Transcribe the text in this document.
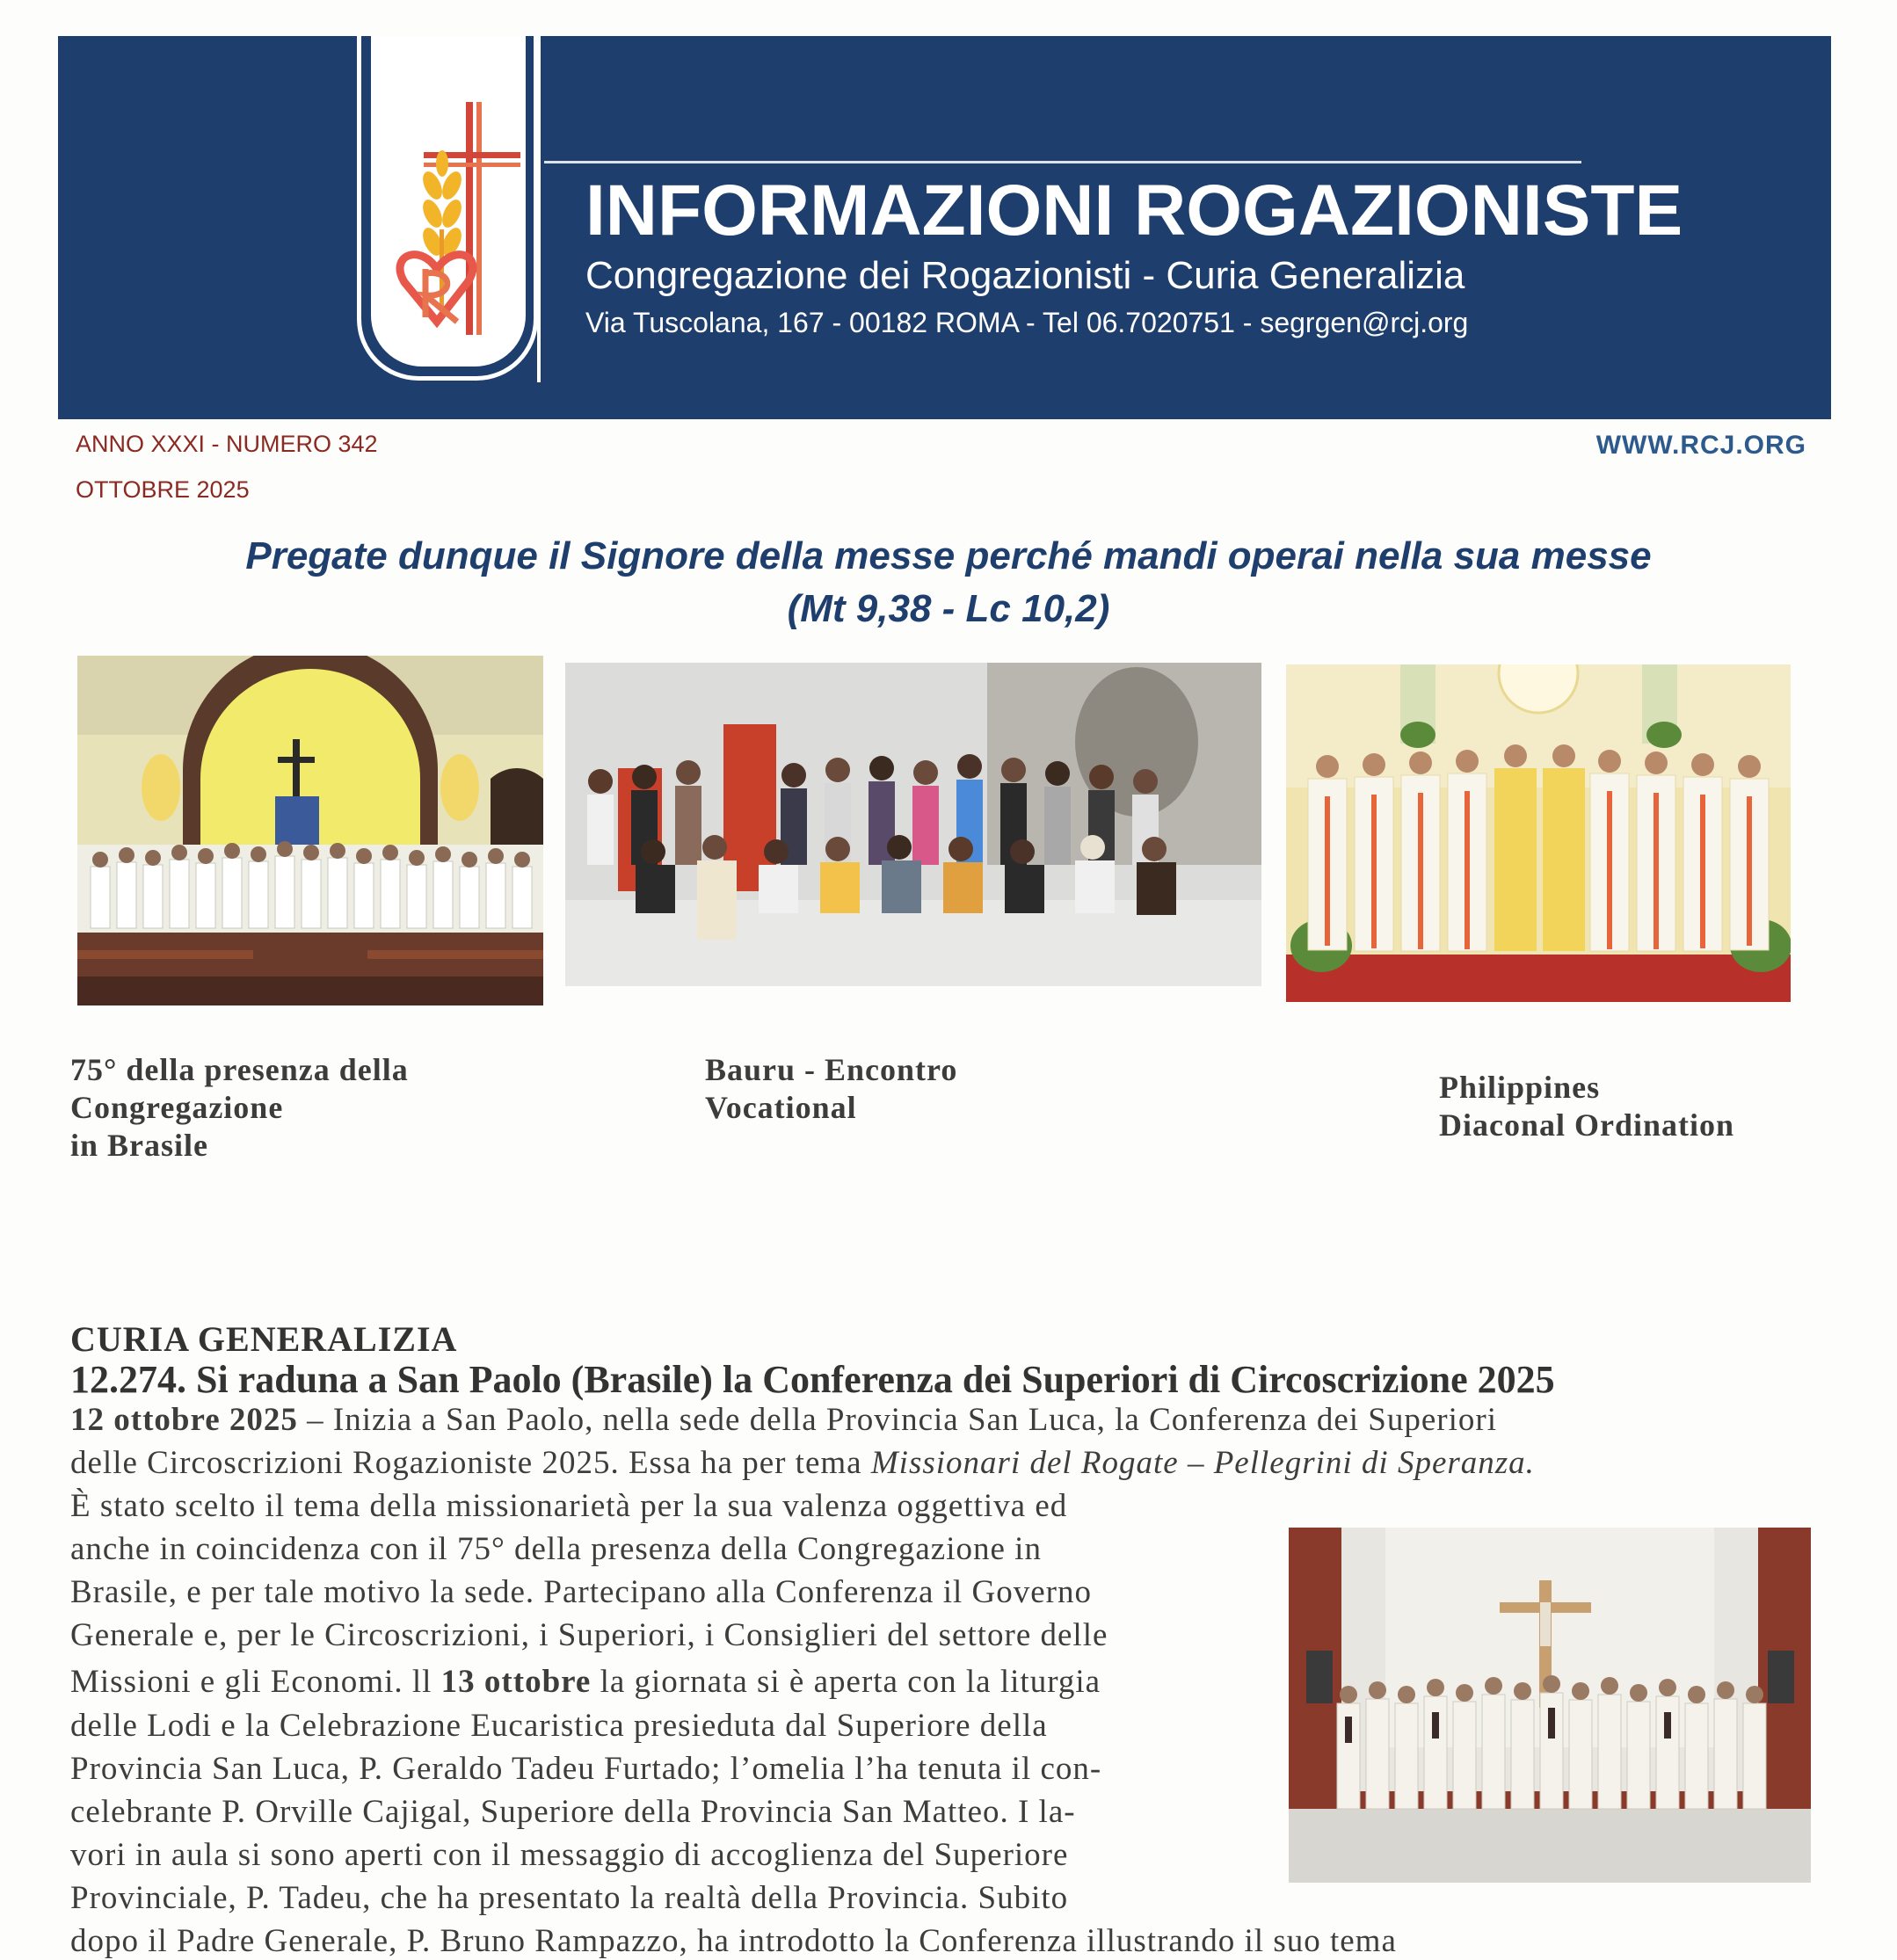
INFORMAZIONI ROGAZIONISTE
Congregazione dei Rogazionisti - Curia Generalizia
Via Tuscolana, 167 - 00182 ROMA - Tel 06.7020751 - segrgen@rcj.org
ANNO XXXI - NUMERO 342
OTTOBRE 2025
WWW.RCJ.ORG
Pregate dunque il Signore della messe perché mandi operai nella sua messe
(Mt 9,38 - Lc 10,2)
75° della presenza della
Congregazione
in Brasile
Bauru - Encontro
Vocational
Philippines
Diaconal Ordination
CURIA GENERALIZIA
12.274. Si raduna a San Paolo (Brasile) la Conferenza dei Superiori di Circoscrizione 2025
12 ottobre 2025 – Inizia a San Paolo, nella sede della Provincia San Luca, la Conferenza dei Superiori
delle Circoscrizioni Rogazioniste 2025. Essa ha per tema Missionari del Rogate – Pellegrini di Speranza.
È stato scelto il tema della missionarietà per la sua valenza oggettiva ed
anche in coincidenza con il 75° della presenza della Congregazione in
Brasile, e per tale motivo la sede. Partecipano alla Conferenza il Governo
Generale e, per le Circoscrizioni, i Superiori, i Consiglieri del settore delle
Missioni e gli Economi. ll 13 ottobre la giornata si è aperta con la liturgia
delle Lodi e la Celebrazione Eucaristica presieduta dal Superiore della
Provincia San Luca, P. Geraldo Tadeu Furtado; l’omelia l’ha tenuta il con-
celebrante P. Orville Cajigal, Superiore della Provincia San Matteo. I la-
vori in aula si sono aperti con il messaggio di accoglienza del Superiore
Provinciale, P. Tadeu, che ha presentato la realtà della Provincia. Subito
dopo il Padre Generale, P. Bruno Rampazzo, ha introdotto la Conferenza illustrando il suo tema
